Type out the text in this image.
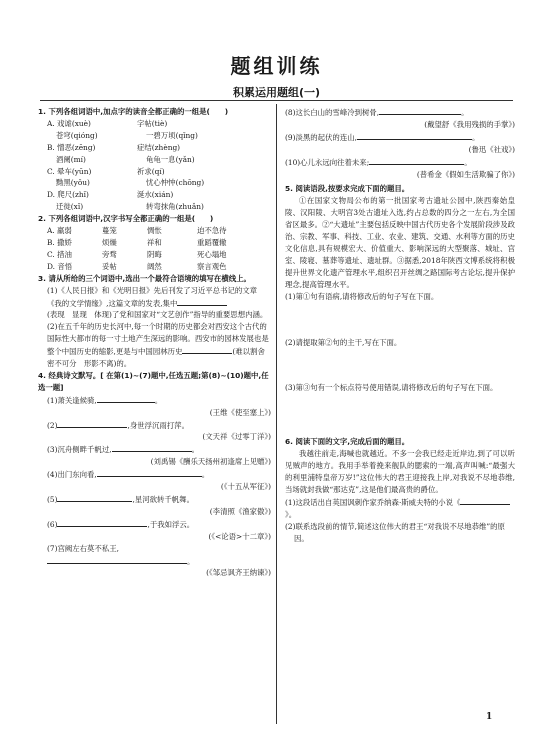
题组训练
积累运用题组(一)

1. 下列各组词语中,加点字的读音全都正确的一组是(　　)

A. 戏谑(xuè)	字帖(tiè)
苍穹(qióng)	一碧万顷(qǐng)
B. 憎恶(zēng)	症结(zhèng)
酒阑(mí)	龟龟一息(yǎn)
C. 晕车(yūn)	祈求(qí)
黝黑(yǒu)	忧心忡忡(chōng)
D. 爬尺(zhǐ)	涎水(xián)
迁徙(xǐ)	转弯抹角(zhuǎn)

2. 下列各组词语中,汉字书写全都正确的一组是(　　)

A. 羸弱	蔓笼	惆怅	迫不急待
B. 撒娇	烦燥	祥和	重蹈覆辙
C. 措油	旁骛	阴晦	死心塌地
D. 音悟	妥帖	阔然	察言观色

3. 请从所给的三个词语中,选出一个最符合语境的填写在横线上。

(1)《人民日报》和《光明日报》先后刊发了习近平总书记的文章《我的文学情缘》,这篇文章的发表,集中

(表现　显现　体现)了党和国家对“文艺创作”指导的重要思想内涵。

(2)在五千年的历史长河中,每一个时期的历史都会对西安这个古代的国际性大都市的每一寸土地产生深远的影响。西安市的园林发展也是整个中国历史的缩影,更是与中国园林历史	(难以割舍　密不可分　形影不离)的。

4. 经典诗文默写。[ 在第(1)~(7)题中,任选五题;第(8)~(10)题中,任选一题]

(1)萧关逢候骑,	。
(王维《使至塞上》)
(2)	,身世浮沉雨打萍。
(文天祥《过零丁洋》)
(3)沉舟侧畔千帆过,	。
(刘禹锡《酬乐天扬州初逢席上见赠》)
(4)出门东向看,	。
(《十五从军征》)
(5)	,星河欲转千帆舞。
(李清照《渔家傲》)
(6)	,于我如浮云。
(《<论语>十二章》)
(7)宫阙左右莫不私王,
。
(《邹忌讽齐王纳谏》)
(8)这长白山的雪峰冷到树骨,	。
(戴望舒《我用残损的手掌》)
(9)淡黑的起伏的连山,	。
(鲁迅《社戏》)
(10)心儿永远向往着未来;	。
(普希金《假如生活欺骗了你》)

5. 阅读语段,按要求完成下面的题目。

①在国家文物局公布的第一批国家考古遗址公园中,陕西秦始皇陵、汉阳陵、大明宫3处古遗址入选,约占总数的四分之一左右,为全国省区最多。②“大遗址”主要包括反映中国古代历史各个发展阶段涉及政治、宗教、军事、科技、工业、农业、建筑、交通、水利等方面的历史文化信息,具有规模宏大、价值重大、影响深远的大型聚落、城址、宫室、陵寝、墓葬等遗址、遗址群。③据悉,2018年陕西文博系统将积极提升世界文化遗产管理水平,组织召开丝绸之路国际考古论坛,提升保护理念,提高管理水平。

(1)第①句有语病,请将修改后的句子写在下面。

(2)请提取第②句的主干,写在下面。

(3)第③句有一个标点符号使用错误,请将修改后的句子写在下面。

6. 阅读下面的文字,完成后面的题目。

我越往前走,海喊也就越近。不多一会我已经走近岸边,到了可以听见贼声的地方。我用手举着挽来舰队的腮索的一端,高声叫喊:“最强大的利里浦特皇帝万岁!”这位伟大的君王迎接我上岸,对我说不尽地恭维,当场就封我做“那达克”,这是他们最高贵的爵位。

(1)这段话出自英国讽刺作家乔纳森·斯威夫特的小说《》。

(2)联系选段前的情节,简述这位伟大的君王“对我说不尽地恭维”的原因。

1
